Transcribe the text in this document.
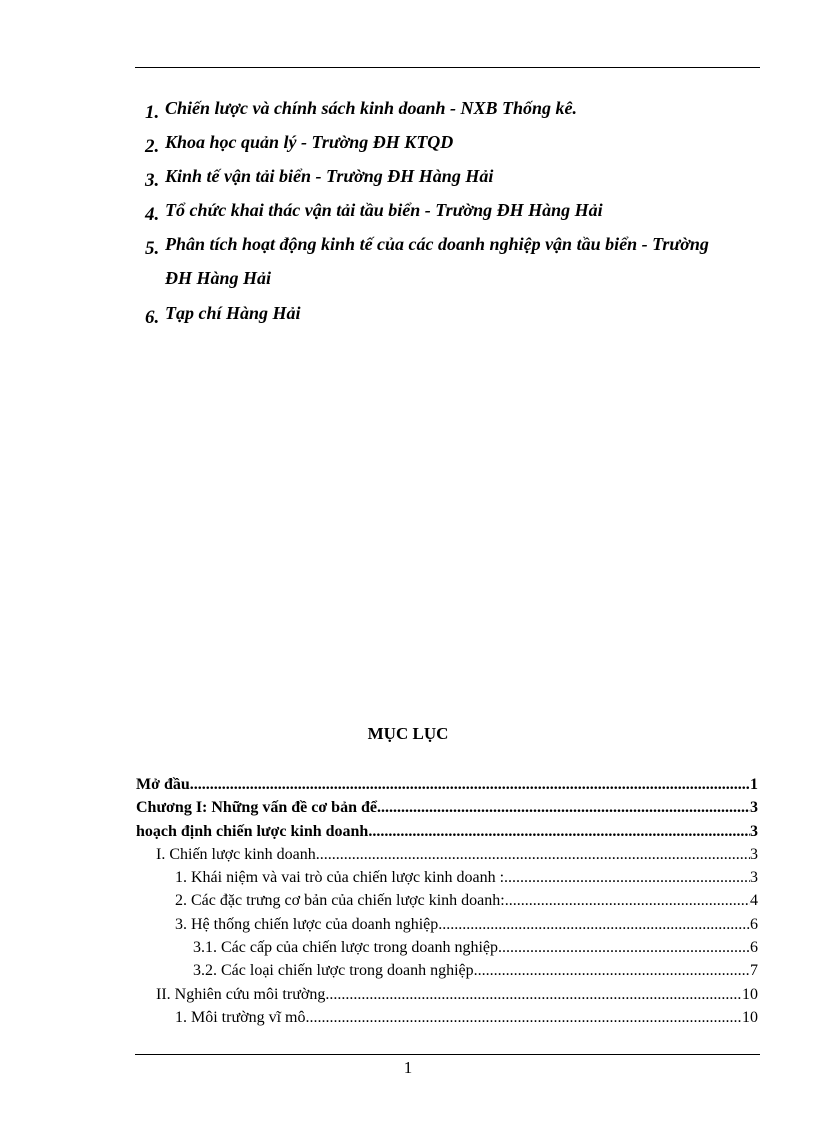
1. Chiến lược và chính sách kinh doanh - NXB Thống kê.
2. Khoa học quản lý - Trường ĐH KTQD
3. Kinh tế vận tải biển - Trường ĐH Hàng Hải
4. Tổ chức khai thác vận tải tầu biển - Trường ĐH Hàng Hải
5. Phân tích hoạt động kinh tế của các doanh nghiệp vận tầu biển - Trường
ĐH Hàng Hải
6. Tạp chí Hàng Hải
MỤC LỤC
Mở đầu .....	1
Chương I: Những vấn đề cơ bản để .....	3
hoạch định chiến lược kinh doanh .....	3
I. Chiến lược kinh doanh. .....	3
1. Khái niệm và vai trò của chiến lược kinh doanh : .....	3
2. Các đặc trưng cơ bản của chiến lược kinh doanh: .....	4
3. Hệ thống chiến lược của doanh nghiệp. .....	6
3.1. Các cấp của chiến lược trong doanh nghiệp. .....	6
3.2. Các loại chiến lược trong doanh nghiệp. .....	7
II. Nghiên cứu môi trường. .....	10
1. Môi trường vĩ mô. .....	10
1
